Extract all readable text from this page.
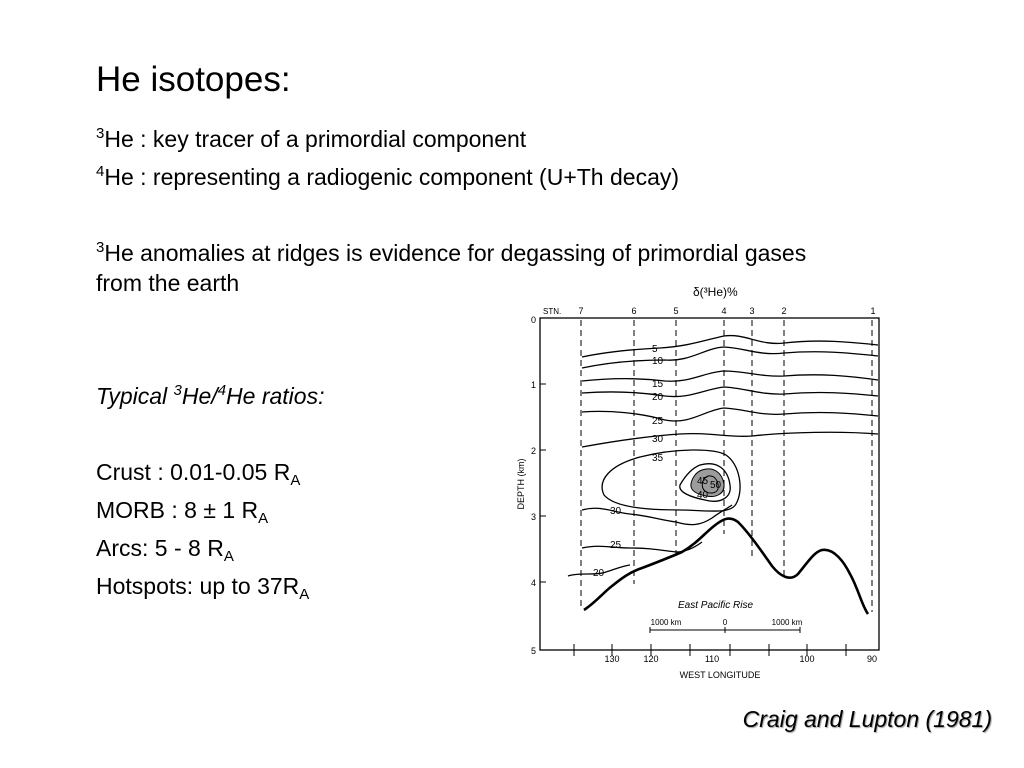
He isotopes:
$^3$He : key tracer of a primordial component
$^4$He : representing a radiogenic component (U+Th decay)
$^3$He anomalies at ridges is evidence for degassing of primordial gases
from the earth
Typical $^3$He/$^4$He ratios:
Crust : 0.01-0.05 $R_A$
MORB : 8 ± 1 $R_A$
Arcs: 5 - 8 $R_A$
Hotspots: up to $37R_A$
δ(³He)%
STN. 7	6	5	4	3	2	1
0
1
2
3
4
5
DEPTH (km)
130	120	110	100	90
WEST LONGITUDE
5
10
15
20
25
30
35
40
45 50
30
25
20
East Pacific Rise
1000 km	0	1000 km
Craig and Lupton (1981)
